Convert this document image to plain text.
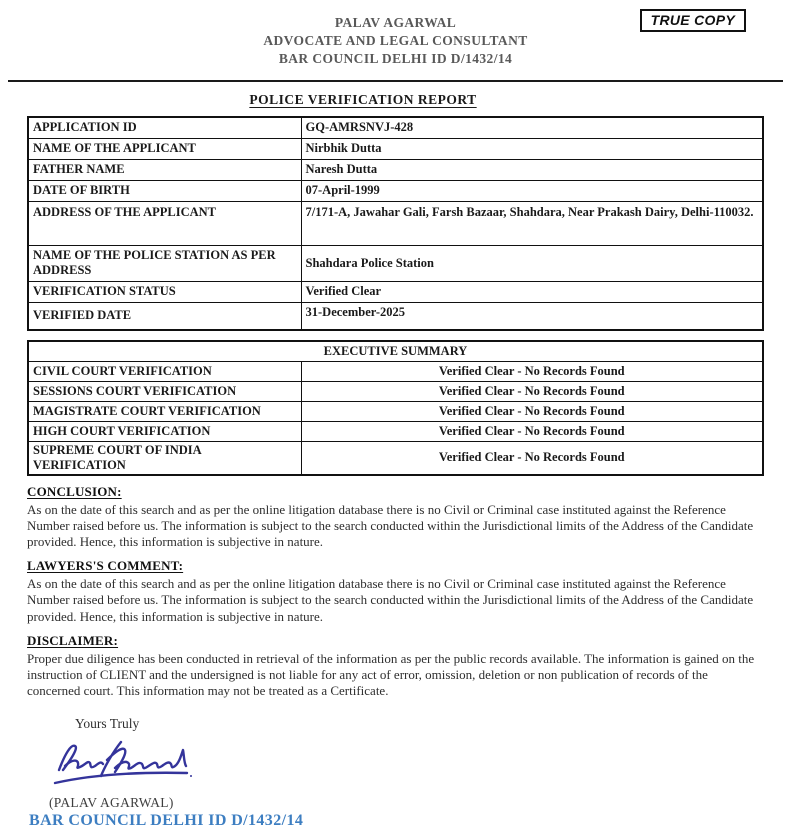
PALAV AGARWAL
ADVOCATE AND LEGAL CONSULTANT
BAR COUNCIL DELHI ID D/1432/14
TRUE COPY
POLICE VERIFICATION REPORT
APPLICATION ID	GQ-AMRSNVJ-428
NAME OF THE APPLICANT	Nirbhik Dutta
FATHER NAME	Naresh Dutta
DATE OF BIRTH	07-April-1999
ADDRESS OF THE APPLICANT	7/171-A, Jawahar Gali, Farsh Bazaar, Shahdara, Near Prakash Dairy, Delhi-110032.
NAME OF THE POLICE STATION AS PER ADDRESS	Shahdara Police Station
VERIFICATION STATUS	Verified Clear
VERIFIED DATE	31-December-2025
EXECUTIVE SUMMARY	
CIVIL COURT VERIFICATION	Verified Clear - No Records Found
SESSIONS COURT VERIFICATION	Verified Clear - No Records Found
MAGISTRATE COURT VERIFICATION	Verified Clear - No Records Found
HIGH COURT VERIFICATION	Verified Clear - No Records Found
SUPREME COURT OF INDIA VERIFICATION	Verified Clear - No Records Found
CONCLUSION:

As on the date of this search and as per the online litigation database there is no Civil or Criminal case instituted against the Reference Number raised before us. The information is subject to the search conducted within the Jurisdictional limits of the Address of the Candidate provided. Hence, this information is subjective in nature.

LAWYERS'S COMMENT:

As on the date of this search and as per the online litigation database there is no Civil or Criminal case instituted against the Reference Number raised before us. The information is subject to the search conducted within the Jurisdictional limits of the Address of the Candidate provided. Hence, this information is subjective in nature.

DISCLAIMER:

Proper due diligence has been conducted in retrieval of the information as per the public records available. The information is gained on the instruction of CLIENT and the undersigned is not liable for any act of error, omission, deletion or non publication of records of the concerned court. This information may not be treated as a Certificate.

Yours Truly
(PALAV AGARWAL)
BAR COUNCIL DELHI ID D/1432/14
